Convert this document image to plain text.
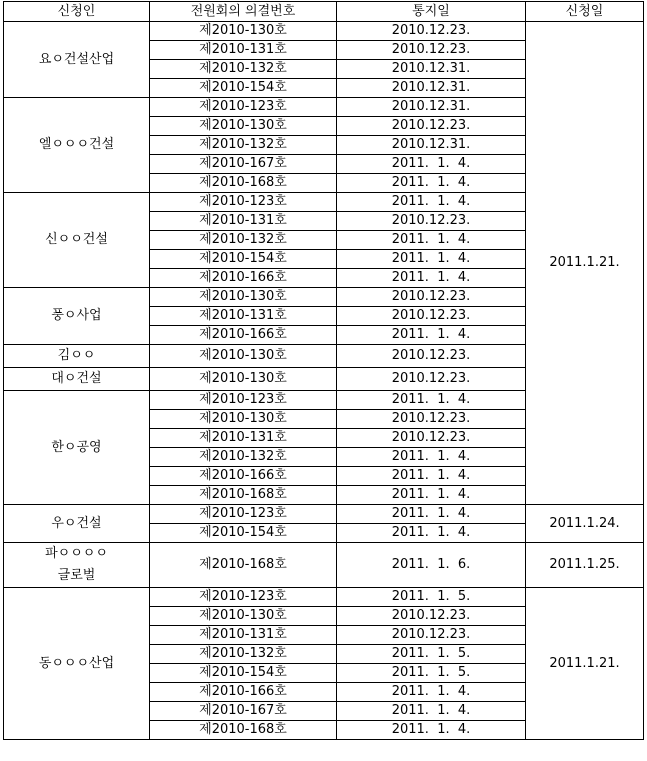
신청인	전원회의 의결번호	통지일	신청일

요ㅇ건설산업	제2010-130호	2010.12.23.	2011.1.21.
	제2010-131호	2010.12.23.	
	제2010-132호	2010.12.31.	
	제2010-154호	2010.12.31.	

엘ㅇㅇㅇ건설	제2010-123호	2010.12.31.	
	제2010-130호	2010.12.23.	
	제2010-132호	2010.12.31.	
	제2010-167호	2011.  1.  4.	
	제2010-168호	2011.  1.  4.	

신ㅇㅇ건설	제2010-123호	2011.  1.  4.	
	제2010-131호	2010.12.23.	
	제2010-132호	2011.  1.  4.	
	제2010-154호	2011.  1.  4.	
	제2010-166호	2011.  1.  4.	

풍ㅇ사업	제2010-130호	2010.12.23.	
	제2010-131호	2010.12.23.	
	제2010-166호	2011.  1.  4.	

김ㅇㅇ	제2010-130호	2010.12.23.	

대ㅇ건설	제2010-130호	2010.12.23.	

한ㅇ공영	제2010-123호	2011.  1.  4.	
	제2010-130호	2010.12.23.	
	제2010-131호	2010.12.23.	
	제2010-132호	2011.  1.  4.	
	제2010-166호	2011.  1.  4.	
	제2010-168호	2011.  1.  4.	

우ㅇ건설	제2010-123호	2011.  1.  4.	2011.1.24.
	제2010-154호	2011.  1.  4.	

파ㅇㅇㅇㅇ
글로벌	제2010-168호	2011.  1.  6.	2011.1.25.

동ㅇㅇㅇ산업	제2010-123호	2011.  1.  5.	2011.1.21.
	제2010-130호	2010.12.23.	
	제2010-131호	2010.12.23.	
	제2010-132호	2011.  1.  5.	
	제2010-154호	2011.  1.  5.	
	제2010-166호	2011.  1.  4.	
	제2010-167호	2011.  1.  4.	
	제2010-168호	2011.  1.  4.	
